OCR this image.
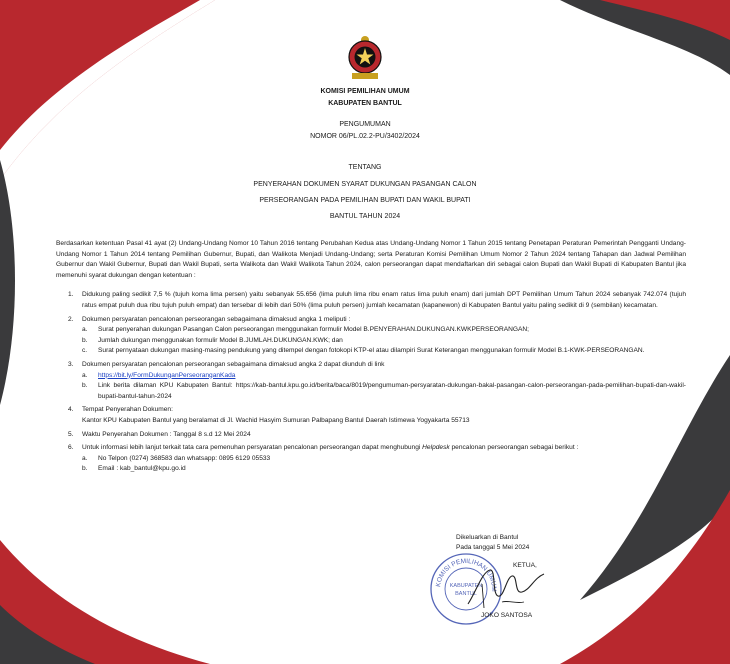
KOMISI PEMILIHAN UMUM
KABUPATEN BANTUL
PENGUMUMAN
NOMOR 06/PL.02.2-PU/3402/2024
TENTANG
PENYERAHAN DOKUMEN SYARAT DUKUNGAN PASANGAN CALON
PERSEORANGAN PADA PEMILIHAN BUPATI DAN WAKIL BUPATI
BANTUL TAHUN 2024

Berdasarkan ketentuan Pasal 41 ayat (2) Undang-Undang Nomor 10 Tahun 2016 tentang Perubahan Kedua atas Undang-Undang Nomor 1 Tahun 2015 tentang Penetapan Peraturan Pemerintah Pengganti Undang-Undang Nomor 1 Tahun 2014 tentang Pemilihan Gubernur, Bupati, dan Walikota Menjadi Undang-Undang; serta Peraturan Komisi Pemilihan Umum Nomor 2 Tahun 2024 tentang Tahapan dan Jadwal Pemilihan Gubernur dan Wakil Gubernur, Bupati dan Wakil Bupati, serta Walikota dan Wakil Walikota Tahun 2024, calon perseorangan dapat mendaftarkan diri sebagai calon Bupati dan Wakil Bupati di Kabupaten Bantul jika memenuhi syarat dukungan dengan ketentuan :

1. Didukung paling sedikit 7,5 % (tujuh koma lima persen) yaitu sebanyak 55.656 (lima puluh lima ribu enam ratus lima puluh enam) dari jumlah DPT Pemilihan Umum Tahun 2024 sebanyak 742.074 (tujuh ratus empat puluh dua ribu tujuh puluh empat) dan tersebar di lebih dari 50% (lima puluh persen) jumlah kecamatan (kapanewon) di Kabupaten Bantul yaitu paling sedikit di 9 (sembilan) kecamatan.
2. Dokumen persyaratan pencalonan perseorangan sebagaimana dimaksud angka 1 meliputi :
a. Surat penyerahan dukungan Pasangan Calon perseorangan menggunakan formulir Model B.PENYERAHAN.DUKUNGAN.KWKPERSEORANGAN;
b. Jumlah dukungan menggunakan formulir Model B.JUMLAH.DUKUNGAN.KWK; dan
c. Surat pernyataan dukungan masing-masing pendukung yang ditempel dengan fotokopi KTP-el atau dilampiri Surat Keterangan menggunakan formulir Model B.1-KWK-PERSEORANGAN.
3. Dokumen persyaratan pencalonan perseorangan sebagaimana dimaksud angka 2 dapat diunduh di link
a. https://bit.ly/FormDukunganPerseoranganKada
b. Link berita dilaman KPU Kabupaten Bantul: https://kab-bantul.kpu.go.id/berita/baca/8019/pengumuman-persyaratan-dukungan-bakal-pasangan-calon-perseorangan-pada-pemilihan-bupati-dan-wakil-bupati-bantul-tahun-2024
4. Tempat Penyerahan Dokumen:
Kantor KPU Kabupaten Bantul yang beralamat di Jl. Wachid Hasyim Sumuran Palbapang Bantul Daerah Istimewa Yogyakarta 55713
5. Waktu Penyerahan Dokumen : Tanggal 8 s.d 12 Mei 2024
6. Untuk informasi lebih lanjut terkait tata cara pemenuhan persyaratan pencalonan perseorangan dapat menghubungi Helpdesk pencalonan perseorangan sebagai berikut :
a. No Telpon (0274) 368583 dan whatsapp: 0895 6129 05533
b. Email : kab_bantul@kpu.go.id
Dikeluarkan di Bantul
Pada tanggal 5 Mei 2024
KOMISI PEMILIHAN UMUM
KABUPATEN
BANTUL
KETUA,
JOKO SANTOSA
